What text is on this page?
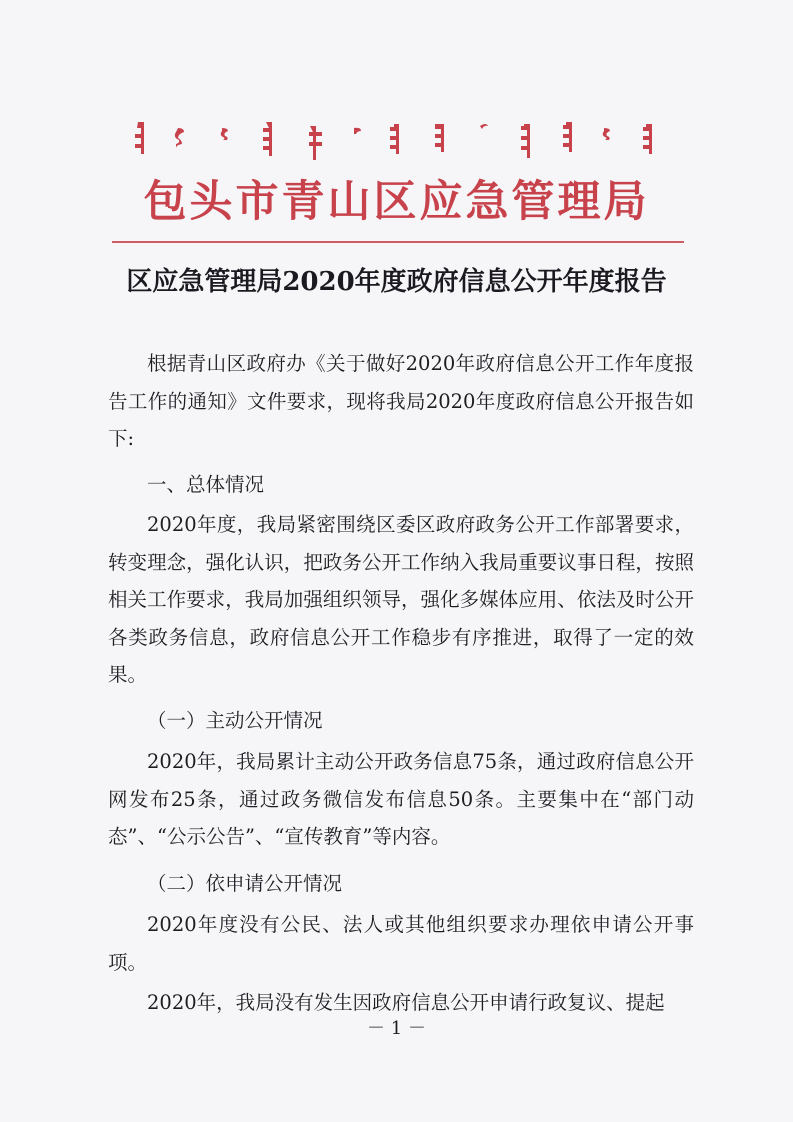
包头市青山区应急管理局
区应急管理局2020年度政府信息公开年度报告

根据青山区政府办《关于做好2020年政府信息公开工作年度报告工作的通知》文件要求，现将我局2020年度政府信息公开报告如下:

一、总体情况

2020年度，我局紧密围绕区委区政府政务公开工作部署要求，转变理念，强化认识，把政务公开工作纳入我局重要议事日程，按照相关工作要求，我局加强组织领导，强化多媒体应用、依法及时公开各类政务信息，政府信息公开工作稳步有序推进，取得了一定的效果。

（一）主动公开情况

2020年，我局累计主动公开政务信息75条，通过政府信息公开网发布25条，通过政务微信发布信息50条。主要集中在“部门动态”、“公示公告”、“宣传教育”等内容。

（二）依申请公开情况

2020年度没有公民、法人或其他组织要求办理依申请公开事项。

2020年，我局没有发生因政府信息公开申请行政复议、提起

－ 1 －
